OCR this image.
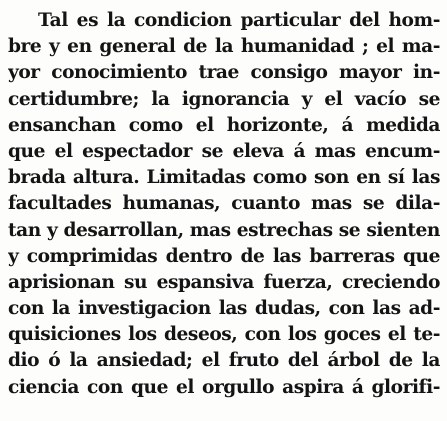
Tal es la condicion particular del hom-
bre y en general de la humanidad ; el ma-
yor conocimiento trae consigo mayor in-
certidumbre; la ignorancia y el vacío se
ensanchan como el horizonte, á medida
que el espectador se eleva á mas encum-
brada altura. Limitadas como son en sí las
facultades humanas, cuanto mas se dila-
tan y desarrollan, mas estrechas se sienten
y comprimidas dentro de las barreras que
aprisionan su espansiva fuerza, creciendo
con la investigacion las dudas, con las ad-
quisiciones los deseos, con los goces el te-
dio ó la ansiedad; el fruto del árbol de la
ciencia con que el orgullo aspira á glorifi-
